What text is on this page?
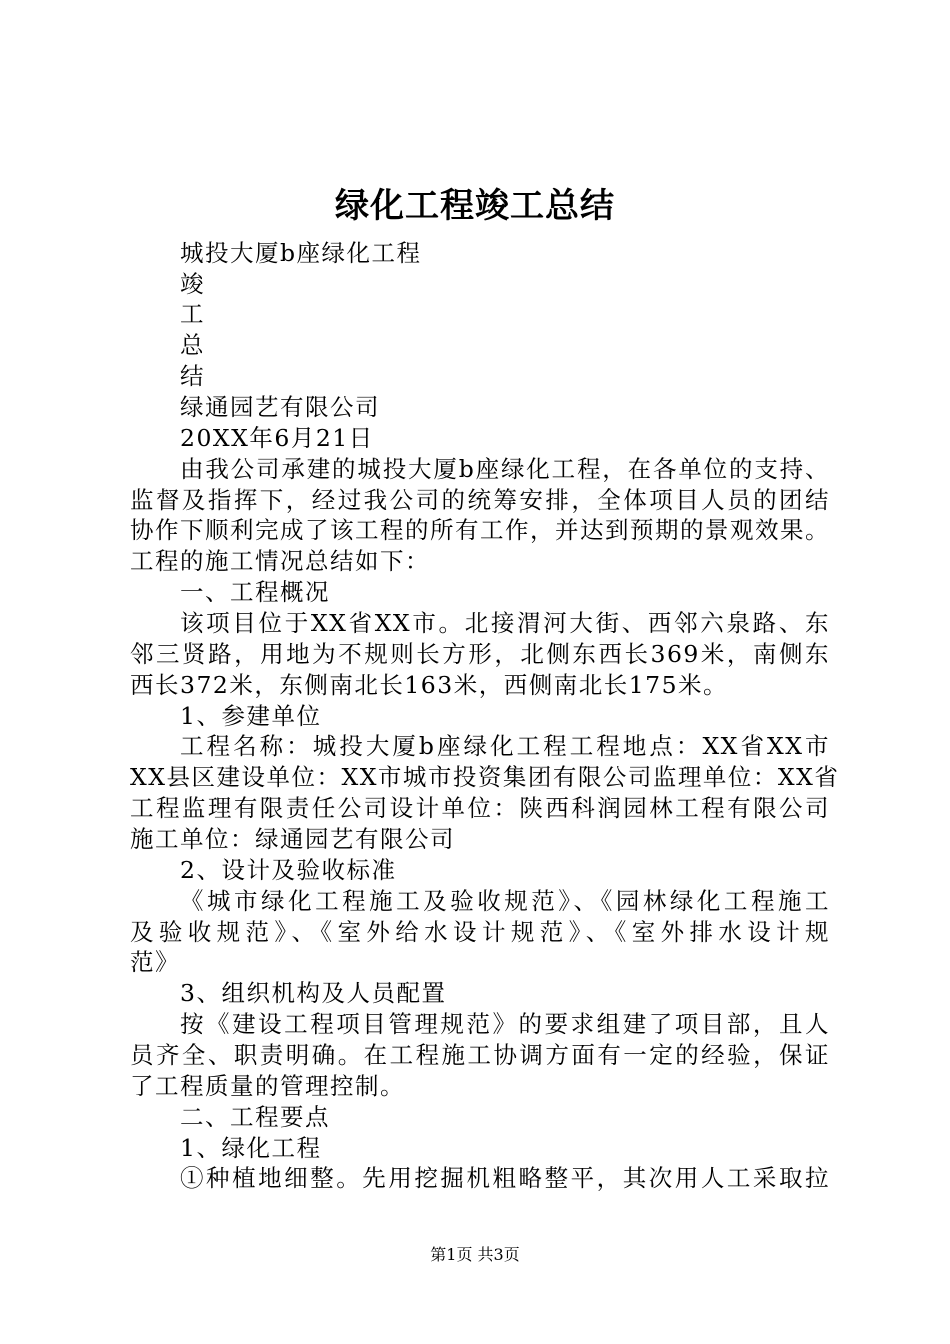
绿化工程竣工总结
城投大厦b座绿化工程
竣
工
总
结
绿通园艺有限公司
20XX年6月21日
由我公司承建的城投大厦b座绿化工程，在各单位的支持、
监督及指挥下，经过我公司的统筹安排，全体项目人员的团结
协作下顺利完成了该工程的所有工作，并达到预期的景观效果。
工程的施工情况总结如下：
一、工程概况
该项目位于XX省XX市。北接渭河大街、西邻六泉路、东
邻三贤路，用地为不规则长方形，北侧东西长369米，南侧东
西长372米，东侧南北长163米，西侧南北长175米。
1、参建单位
工程名称：城投大厦b座绿化工程工程地点：XX省XX市
XX县区建设单位：XX市城市投资集团有限公司监理单位：XX省
工程监理有限责任公司设计单位：陕西科润园林工程有限公司
施工单位：绿通园艺有限公司
2、设计及验收标准
《城市绿化工程施工及验收规范》、《园林绿化工程施工
及验收规范》、《室外给水设计规范》、《室外排水设计规
范》
3、组织机构及人员配置
按《建设工程项目管理规范》的要求组建了项目部，且人
员齐全、职责明确。在工程施工协调方面有一定的经验，保证
了工程质量的管理控制。
二、工程要点
1、绿化工程
①种植地细整。先用挖掘机粗略整平，其次用人工采取拉
第1页 共3页
